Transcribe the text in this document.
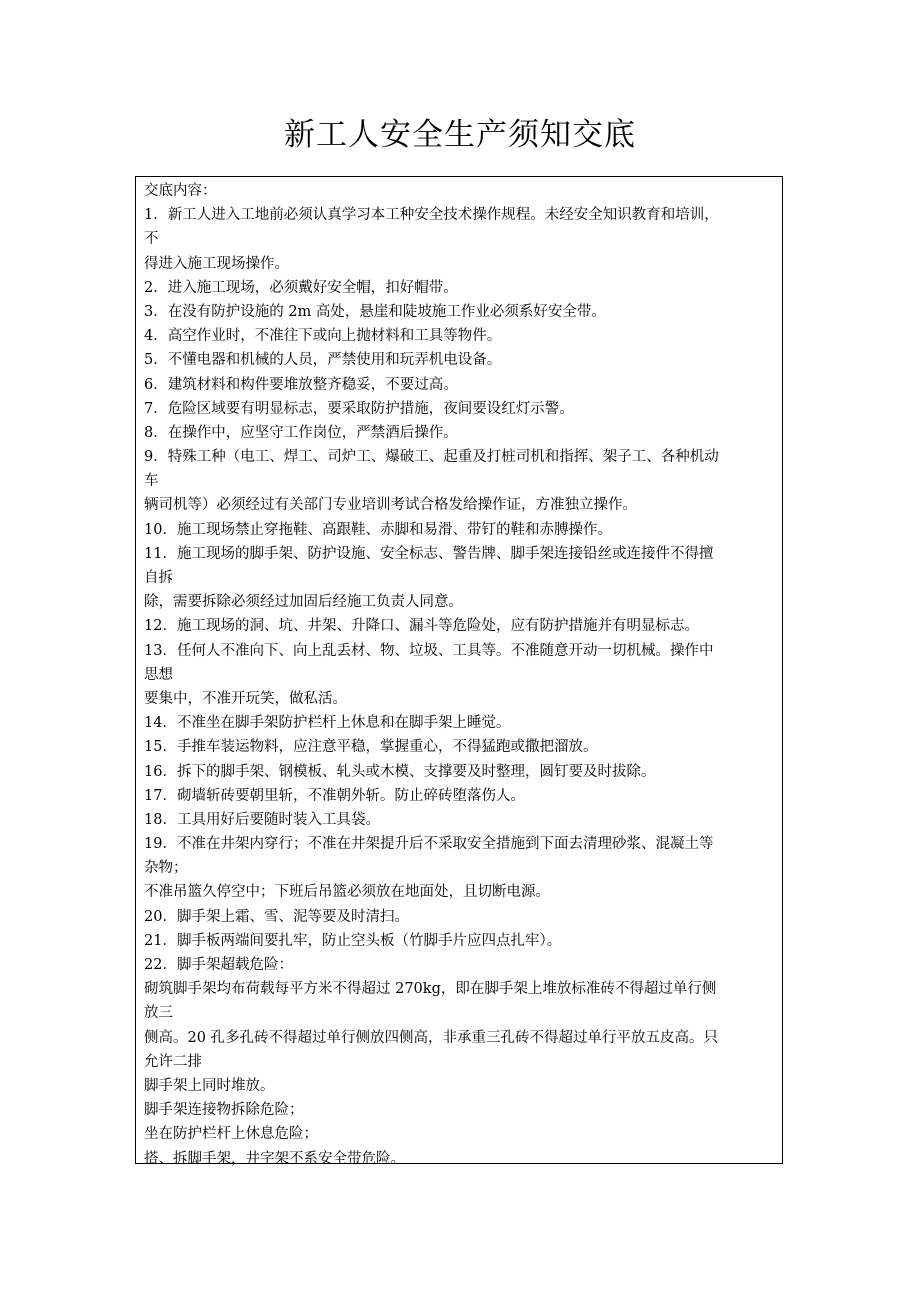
新工人安全生产须知交底
交底内容：
1．新工人进入工地前必须认真学习本工种安全技术操作规程。未经安全知识教育和培训，
不
得进入施工现场操作。
2．进入施工现场，必须戴好安全帽，扣好帽带。
3．在没有防护设施的 2m 高处，悬崖和陡坡施工作业必须系好安全带。
4．高空作业时，不准往下或向上抛材料和工具等物件。
5．不懂电器和机械的人员，严禁使用和玩弄机电设备。
6．建筑材料和构件要堆放整齐稳妥，不要过高。
7．危险区域要有明显标志，要采取防护措施，夜间要设红灯示警。
8．在操作中，应坚守工作岗位，严禁酒后操作。
9．特殊工种（电工、焊工、司炉工、爆破工、起重及打桩司机和指挥、架子工、各种机动
车
辆司机等）必须经过有关部门专业培训考试合格发给操作证，方准独立操作。
10．施工现场禁止穿拖鞋、高跟鞋、赤脚和易滑、带钉的鞋和赤膊操作。
11．施工现场的脚手架、防护设施、安全标志、警告牌、脚手架连接铅丝或连接件不得擅
自拆
除，需要拆除必须经过加固后经施工负责人同意。
12．施工现场的洞、坑、井架、升降口、漏斗等危险处，应有防护措施并有明显标志。
13．任何人不准向下、向上乱丢材、物、垃圾、工具等。不准随意开动一切机械。操作中
思想
要集中，不准开玩笑，做私活。
14．不准坐在脚手架防护栏杆上休息和在脚手架上睡觉。
15．手推车装运物料，应注意平稳，掌握重心，不得猛跑或撒把溜放。
16．拆下的脚手架、钢模板、轧头或木模、支撑要及时整理，圆钉要及时拔除。
17．砌墙斩砖要朝里斩，不准朝外斩。防止碎砖堕落伤人。
18．工具用好后要随时装入工具袋。
19．不准在井架内穿行；不准在井架提升后不采取安全措施到下面去清理砂浆、混凝土等
杂物；
不准吊篮久停空中；下班后吊篮必须放在地面处，且切断电源。
20．脚手架上霜、雪、泥等要及时清扫。
21．脚手板两端间要扎牢，防止空头板（竹脚手片应四点扎牢）。
22．脚手架超载危险：
砌筑脚手架均布荷载每平方米不得超过 270kg，即在脚手架上堆放标准砖不得超过单行侧
放三
侧高。20 孔多孔砖不得超过单行侧放四侧高，非承重三孔砖不得超过单行平放五皮高。只
允许二排
脚手架上同时堆放。
脚手架连接物拆除危险；
坐在防护栏杆上休息危险；
搭、拆脚手架，井字架不系安全带危险。
